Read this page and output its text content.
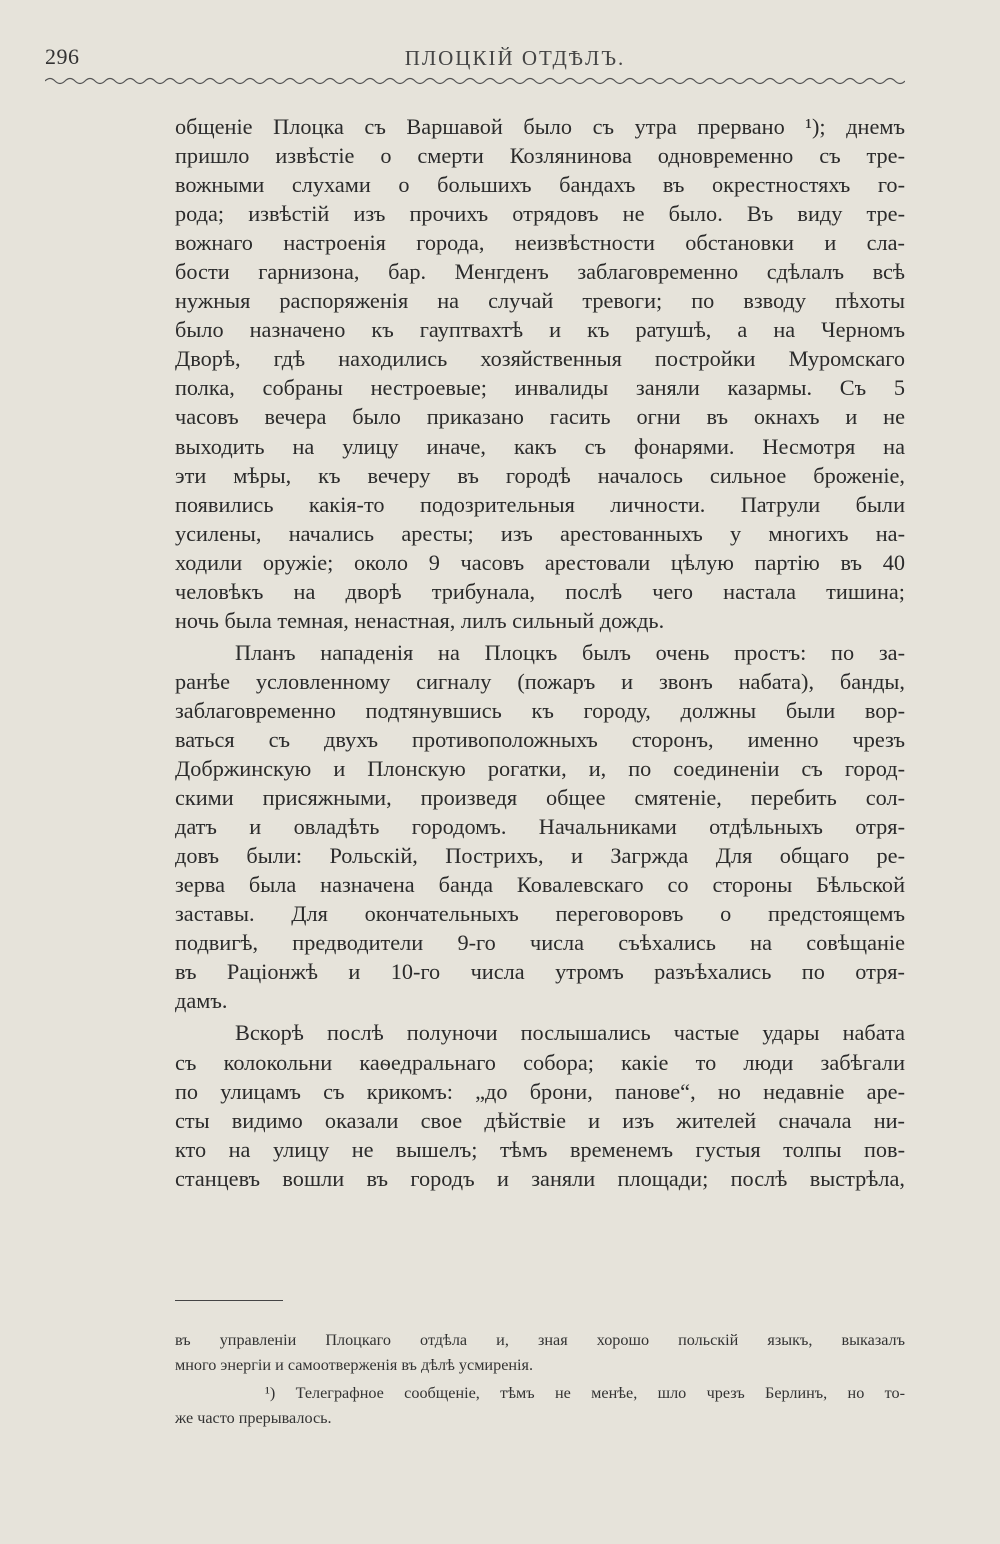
296	ПЛОЦКІЙ ОТДѢЛЪ.
общеніе Плоцка съ Варшавой было съ утра прервано ¹); днемъ
пришло извѣстіе о смерти Козлянинова одновременно съ тре-
вожными слухами о большихъ бандахъ въ окрестностяхъ го-
рода; извѣстій изъ прочихъ отрядовъ не было. Въ виду тре-
вожнаго настроенія города, неизвѣстности обстановки и сла-
бости гарнизона, бар. Менгденъ заблаговременно сдѣлалъ всѣ
нужныя распоряженія на случай тревоги; по взводу пѣхоты
было назначено къ гауптвахтѣ и къ ратушѣ, а на Черномъ
Дворѣ, гдѣ находились хозяйственныя постройки Муромскаго
полка, собраны нестроевые; инвалиды заняли казармы. Съ 5
часовъ вечера было приказано гасить огни въ окнахъ и не
выходить на улицу иначе, какъ съ фонарями. Несмотря на
эти мѣры, къ вечеру въ городѣ началось сильное броженіе,
появились какія-то подозрительныя личности. Патрули были
усилены, начались аресты; изъ арестованныхъ у многихъ на-
ходили оружіе; около 9 часовъ арестовали цѣлую партію въ 40
человѣкъ на дворѣ трибунала, послѣ чего настала тишина;
ночь была темная, ненастная, лилъ сильный дождь.
Планъ нападенія на Плоцкъ былъ очень простъ: по за-
ранѣе условленному сигналу (пожаръ и звонъ набата), банды,
заблаговременно подтянувшись къ городу, должны были вор-
ваться съ двухъ противоположныхъ сторонъ, именно чрезъ
Добржинскую и Плонскую рогатки, и, по соединеніи съ город-
скими присяжными, произведя общее смятеніе, перебить сол-
датъ и овладѣть городомъ. Начальниками отдѣльныхъ отря-
довъ были: Рольскій, Пострихъ, и Загржда Для общаго ре-
зерва была назначена банда Ковалевскаго со стороны Бѣльской
заставы. Для окончательныхъ переговоровъ о предстоящемъ
подвигѣ, предводители 9-го числа съѣхались на совѣщаніе
въ Раціонжѣ и 10-го числа утромъ разъѣхались по отря-
дамъ.
Вскорѣ послѣ полуночи послышались частые удары набата
съ колокольни каѳедральнаго собора; какіе то люди забѣгали
по улицамъ съ крикомъ: „до брони, панове“, но недавніе аре-
сты видимо оказали свое дѣйствіе и изъ жителей сначала ни-
кто на улицу не вышелъ; тѣмъ временемъ густыя толпы пов-
станцевъ вошли въ городъ и заняли площади; послѣ выстрѣла,
въ управленіи Плоцкаго отдѣла и, зная хорошо польскій языкъ, выказалъ
много энергіи и самоотверженія въ дѣлѣ усмиренія.
¹) Телеграфное сообщеніе, тѣмъ не менѣе, шло чрезъ Берлинъ, но то-
же часто прерывалось.
